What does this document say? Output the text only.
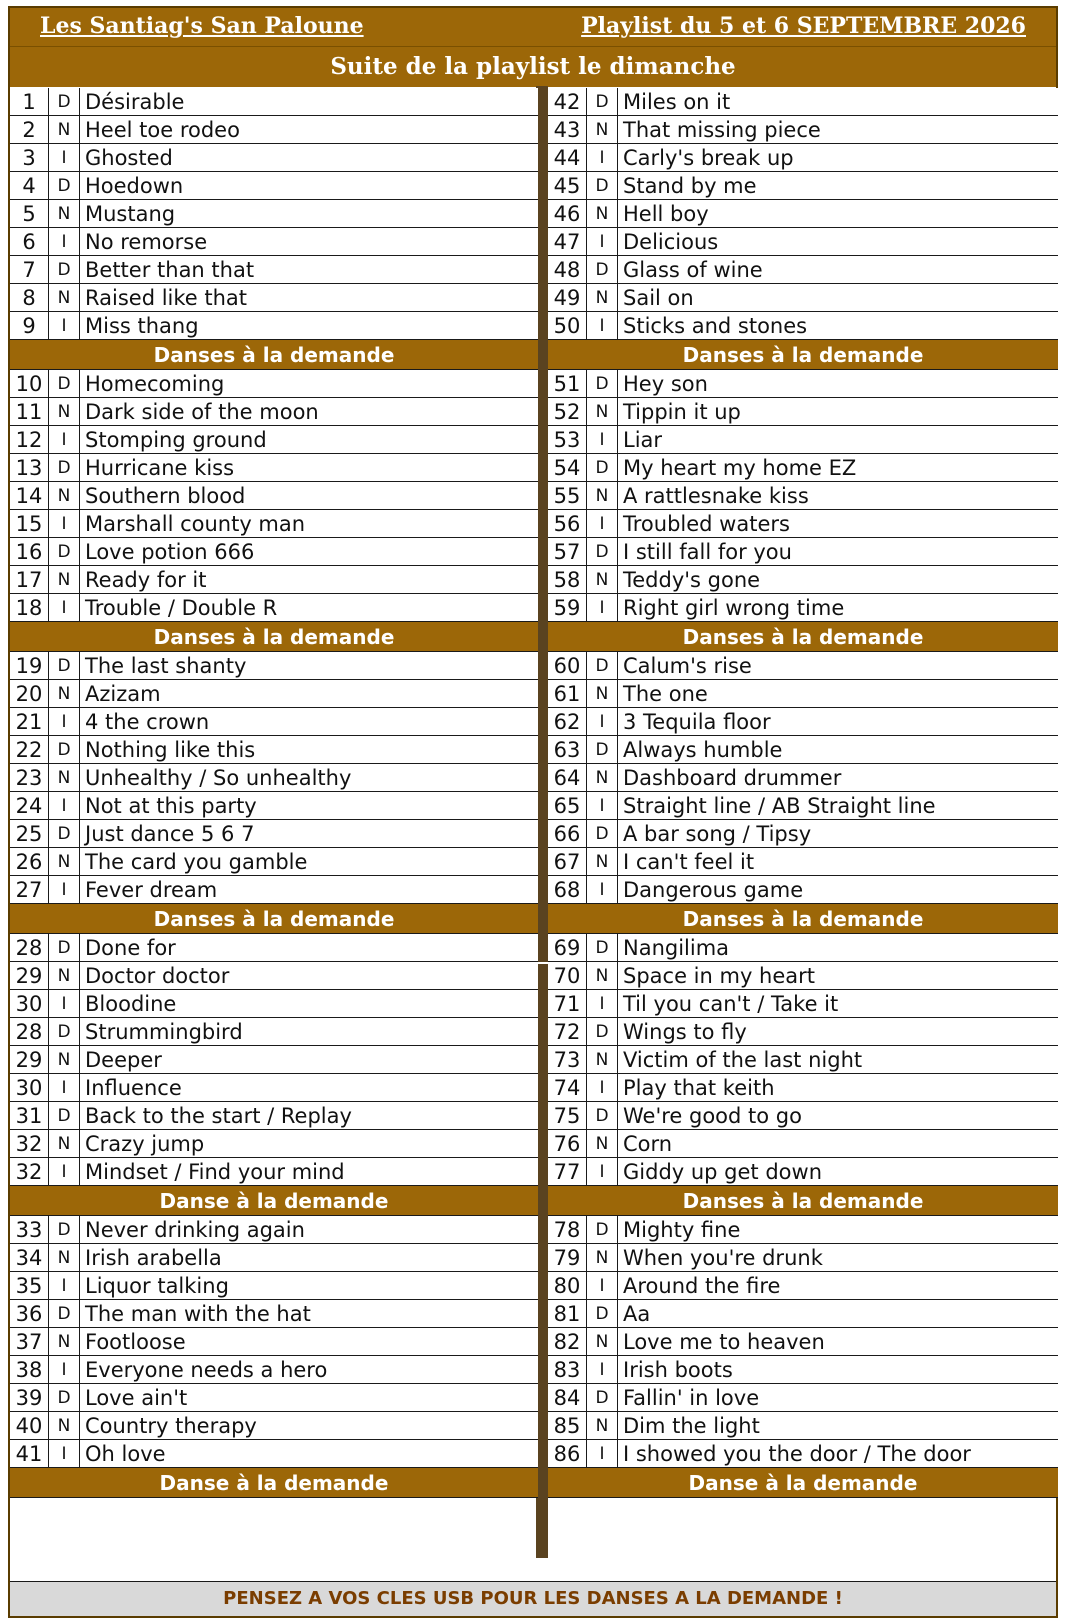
Les Santiag's San Paloune	Playlist du 5 et 6 SEPTEMBRE 2026
Suite de la playlist le dimanche
1	D Désirable
2	N Heel toe rodeo
3	I Ghosted
4	D Hoedown
5	N Mustang
6	I No remorse
7	D Better than that
8	N Raised like that
9	I Miss thang
Danses à la demande
10 D Homecoming
11 N Dark side of the moon
12	I Stomping ground
13 D Hurricane kiss
14 N Southern blood
15	I Marshall county man
16 D Love potion 666
17 N Ready for it
18	I Trouble / Double R
Danses à la demande
19 D The last shanty
20 N Azizam
21	I 4 the crown
22 D Nothing like this
23 N Unhealthy / So unhealthy
24	I Not at this party
25 D Just dance 5 6 7
26 N The card you gamble
27	I Fever dream
Danses à la demande
28 D Done for
29 N Doctor doctor
30	I Bloodine
28 D Strummingbird
29 N Deeper
30	I Influence
31 D Back to the start / Replay
32 N Crazy jump
32	I Mindset / Find your mind
Danse à la demande
33 D Never drinking again
34 N Irish arabella
35	I Liquor talking
36 D The man with the hat
37 N Footloose
38	I Everyone needs a hero
39 D Love ain't
40 N Country therapy
41	I Oh love
Danse à la demande
42 D Miles on it
43 N That missing piece
44	I Carly's break up
45 D Stand by me
46 N Hell boy
47	I Delicious
48 D Glass of wine
49 N Sail on
50	I Sticks and stones
Danses à la demande
51 D Hey son
52 N Tippin it up
53	I Liar
54 D My heart my home EZ
55 N A rattlesnake kiss
56	I Troubled waters
57 D I still fall for you
58 N Teddy's gone
59	I Right girl wrong time
Danses à la demande
60 D Calum's rise
61 N The one
62	I 3 Tequila floor
63 D Always humble
64 N Dashboard drummer
65	I Straight line / AB Straight line
66 D A bar song / Tipsy
67 N I can't feel it
68	I Dangerous game
Danses à la demande
69 D Nangilima
70 N Space in my heart
71	I Til you can't / Take it
72 D Wings to fly
73 N Victim of the last night
74	I Play that keith
75 D We're good to go
76 N Corn
77	I Giddy up get down
Danses à la demande
78 D Mighty fine
79 N When you're drunk
80	I Around the fire
81 D Aa
82 N Love me to heaven
83	I Irish boots
84 D Fallin' in love
85 N Dim the light
86	I I showed you the door / The door
Danse à la demande
PENSEZ A VOS CLES USB POUR LES DANSES A LA DEMANDE !
